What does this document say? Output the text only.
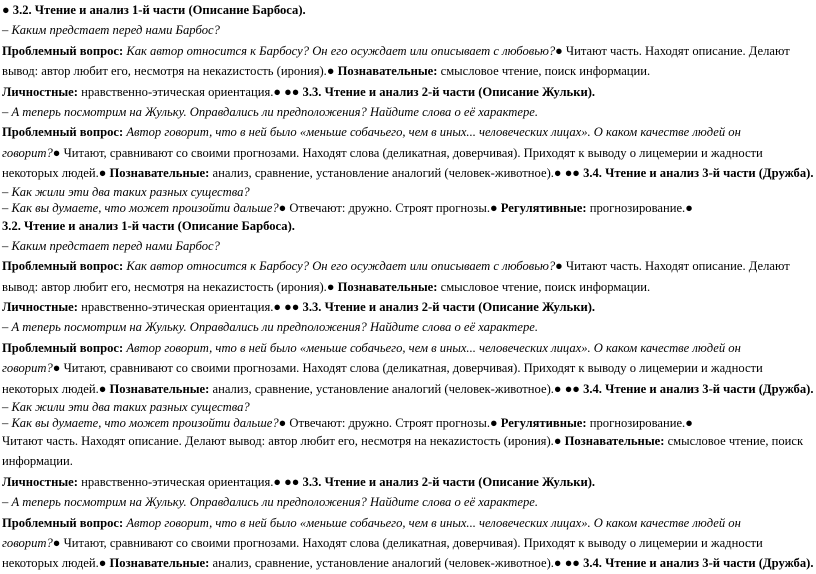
● 3.2. Чтение и анализ 1-й части (Описание Барбоса).
– Каким предстает перед нами Барбос?
Проблемный вопрос: Как автор относится к Барбосу? Он его осуждает или описывает с любовью?● Читают часть. Находят описание. Делают
вывод: автор любит его, несмотря на некazистость (ирония).● Познавательные: смысловое чтение, поиск информации.
Личностные: нравственно-этическая ориентация.● ●● 3.3. Чтение и анализ 2-й части (Описание Жульки).
– А теперь посмотрим на Жульку. Оправдались ли предположения? Найдите слова о её характере.
Проблемный вопрос: Автор говорит, что в ней было «меньше собачьего, чем в иных... человеческих лицах». О каком качестве людей он
говорит?● Читают, сравнивают со своими прогнозами. Находят слова (деликатная, доверчивая). Приходят к выводу о лицемерии и жадности
некоторых людей.● Познавательные: анализ, сравнение, установление аналогий (человек-животное).● ●● 3.4. Чтение и анализ 3-й части (Дружба).
– Как жили эти два таких разных существа?
– Как вы думаете, что может произойти дальше?● Отвечают: дружно. Строят прогнозы.● Регулятивные: прогнозирование.●
3.2. Чтение и анализ 1-й части (Описание Барбоса).
– Каким предстает перед нами Барбос?
Проблемный вопрос: Как автор относится к Барбосу? Он его осуждает или описывает с любовью?● Читают часть. Находят описание. Делают
вывод: автор любит его, несмотря на некazистость (ирония).● Познавательные: смысловое чтение, поиск информации.
Личностные: нравственно-этическая ориентация.● ●● 3.3. Чтение и анализ 2-й части (Описание Жульки).
– А теперь посмотрим на Жульку. Оправдались ли предположения? Найдите слова о её характере.
Проблемный вопрос: Автор говорит, что в ней было «меньше собачьего, чем в иных... человеческих лицах». О каком качестве людей он
говорит?● Читают, сравнивают со своими прогнозами. Находят слова (деликатная, доверчивая). Приходят к выводу о лицемерии и жадности
некоторых людей.● Познавательные: анализ, сравнение, установление аналогий (человек-животное).● ●● 3.4. Чтение и анализ 3-й части (Дружба).
– Как жили эти два таких разных существа?
– Как вы думаете, что может произойти дальше?● Отвечают: дружно. Строят прогнозы.● Регулятивные: прогнозирование.●
Читают часть. Находят описание. Делают вывод: автор любит его, несмотря на некazистость (ирония).● Познавательные: смысловое чтение, поиск
информации.
Личностные: нравственно-этическая ориентация.● ●● 3.3. Чтение и анализ 2-й части (Описание Жульки).
– А теперь посмотрим на Жульку. Оправдались ли предположения? Найдите слова о её характере.
Проблемный вопрос: Автор говорит, что в ней было «меньше собачьего, чем в иных... человеческих лицах». О каком качестве людей он
говорит?● Читают, сравнивают со своими прогнозами. Находят слова (деликатная, доверчивая). Приходят к выводу о лицемерии и жадности
некоторых людей.● Познавательные: анализ, сравнение, установление аналогий (человек-животное).● ●● 3.4. Чтение и анализ 3-й части (Дружба).
